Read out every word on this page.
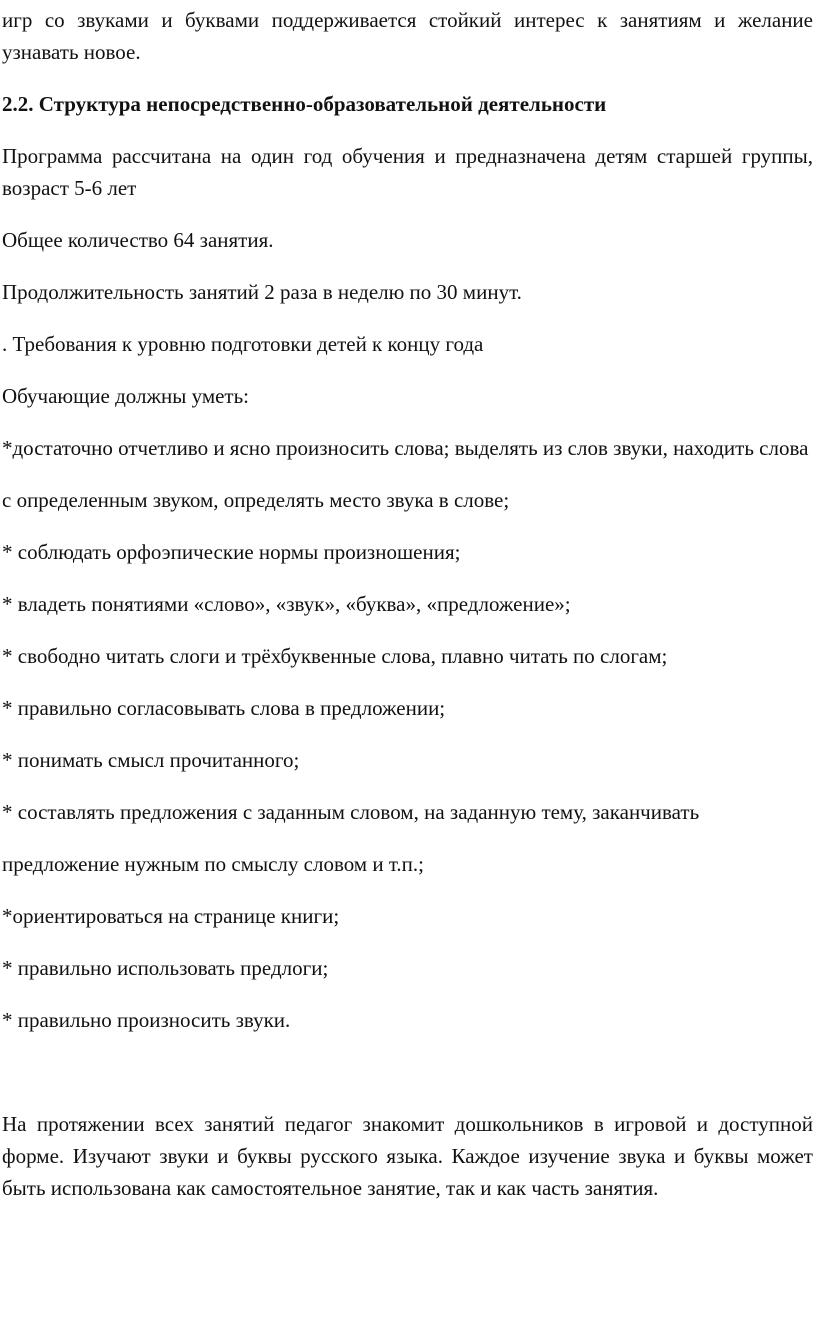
игр со звуками и буквами поддерживается стойкий интерес к занятиям и желание узнавать новое.

2.2. Структура непосредственно-образовательной деятельности

Программа рассчитана на один год обучения и предназначена детям старшей группы, возраст 5-6 лет

Общее количество 64 занятия.

Продолжительность занятий 2 раза в неделю по 30 минут.

. Требования к уровню подготовки детей к концу года

Обучающие должны уметь:

*достаточно отчетливо и ясно произносить слова; выделять из слов звуки, находить слова

с определенным звуком, определять место звука в слове;

* соблюдать орфоэпические нормы произношения;

* владеть понятиями «слово», «звук», «буква», «предложение»;

* свободно читать слоги и трёхбуквенные слова, плавно читать по слогам;

* правильно согласовывать слова в предложении;

* понимать смысл прочитанного;

* составлять предложения с заданным словом, на заданную тему, заканчивать

предложение нужным по смыслу словом и т.п.;

*ориентироваться на странице книги;

* правильно использовать предлоги;

* правильно произносить звуки.

На протяжении всех занятий педагог знакомит дошкольников в игровой и доступной форме. Изучают звуки и буквы русского языка. Каждое изучение звука и буквы может быть использована как самостоятельное занятие, так и как часть занятия.
